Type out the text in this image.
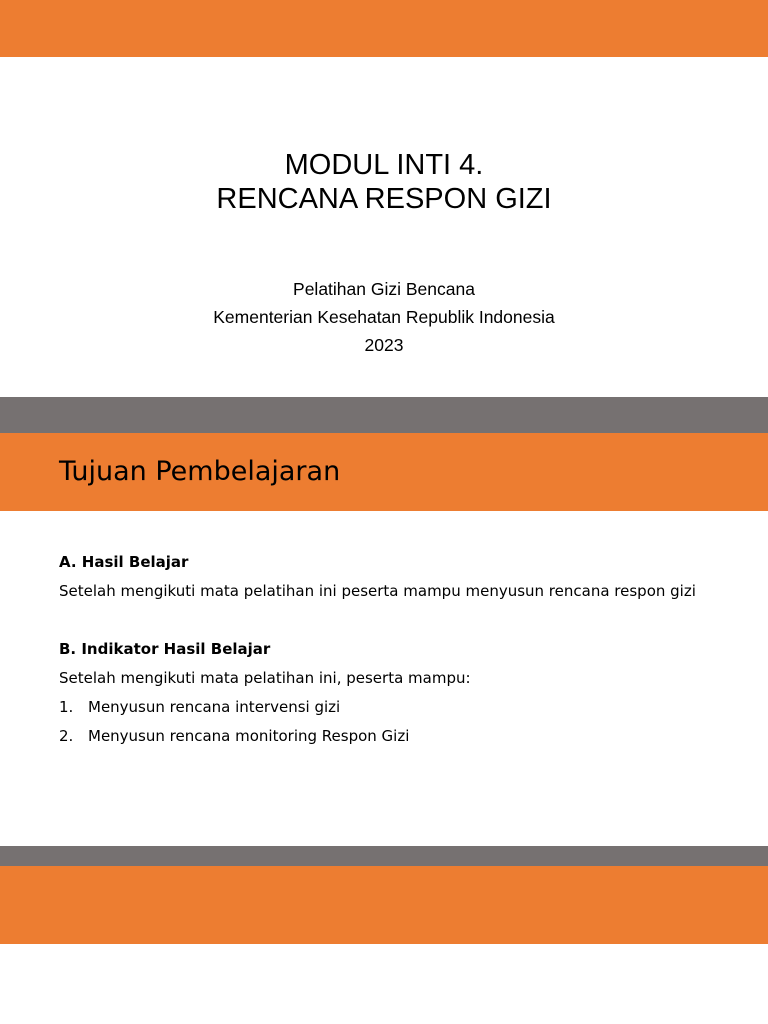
MODUL INTI 4.
RENCANA RESPON GIZI
Pelatihan Gizi Bencana
Kementerian Kesehatan Republik Indonesia
2023
Tujuan Pembelajaran
A. Hasil Belajar
Setelah mengikuti mata pelatihan ini peserta mampu menyusun rencana respon gizi
B. Indikator Hasil Belajar
Setelah mengikuti mata pelatihan ini, peserta mampu:
1. Menyusun rencana intervensi gizi
2. Menyusun rencana monitoring Respon Gizi
